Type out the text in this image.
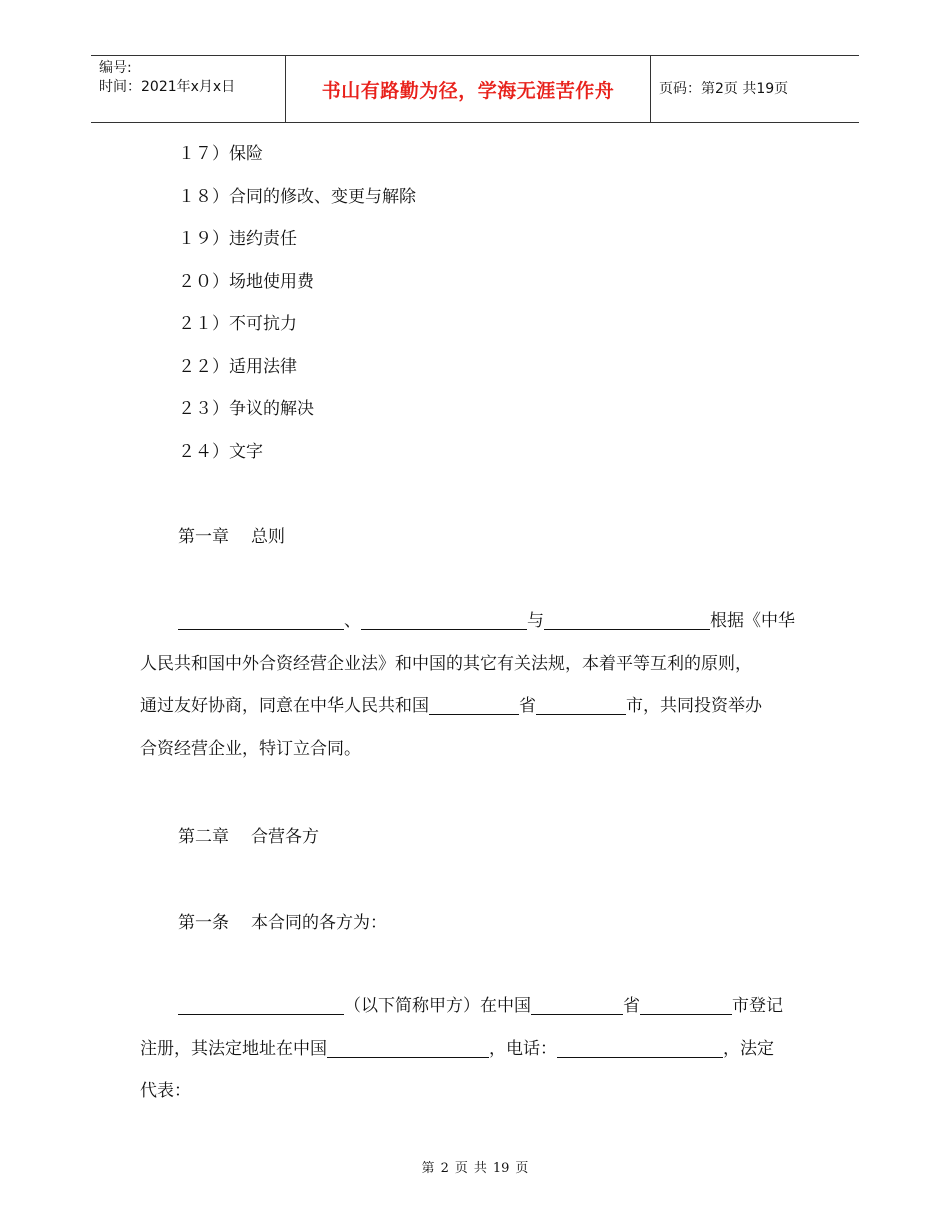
编号:
时间：2021年x月x日	书山有路勤为径，学海无涯苦作舟	页码：第2页 共19页
１７）保险
１８）合同的修改、变更与解除
１９）违约责任
２０）场地使用费
２１）不可抗力
２２）适用法律
２３）争议的解决
２４）文字
第一章 总则
、	与	根据《中华
人民共和国中外合资经营企业法》和中国的其它有关法规，本着平等互利的原则，
通过友好协商，同意在中华人民共和国	省	市，共同投资举办
合资经营企业，特订立合同。
第二章 合营各方
第一条 本合同的各方为：
（以下简称甲方）在中国	省	市登记
注册，其法定地址在中国	，电话：	，法定
代表：
第 2 页 共 19 页
